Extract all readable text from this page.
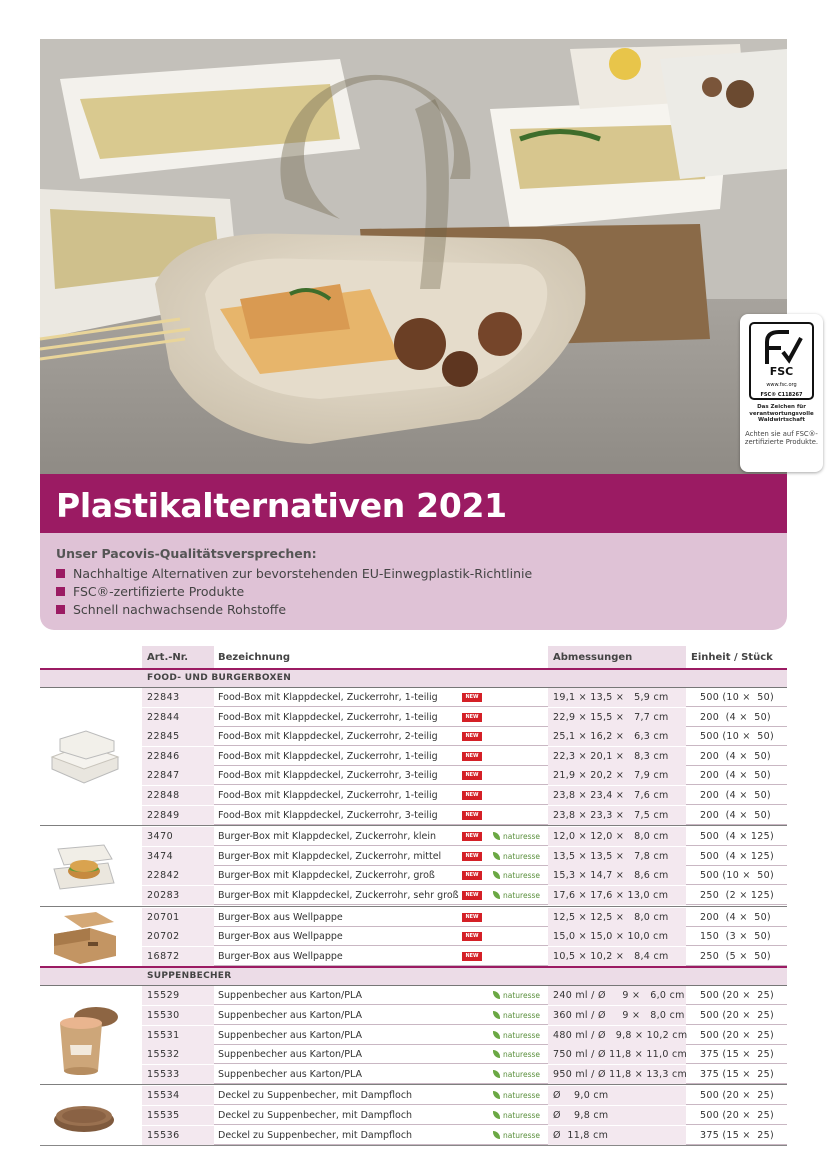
FSC
www.fsc.org
FSC® C118267
Das Zeichen für verantwortungsvolle Waldwirtschaft
Achten sie auf FSC®-zertifizierte Produkte.
Plastikalternativen 2021
Unser Pacovis-Qualitätsversprechen:
Nachhaltige Alternativen zur bevorstehenden EU-Einwegplastik-Richtlinie
FSC®-zertifizierte Produkte
Schnell nachwachsende Rohstoffe
Art.-Nr.	Bezeichnung	Abmessungen	Einheit / Stück
FOOD- UND BURGERBOXEN
22843	Food-Box mit Klappdeckel, Zuckerrohr, 1-teilig	NEW	19,1 × 13,5 ×   5,9 cm	500 (10 ×  50)
22844	Food-Box mit Klappdeckel, Zuckerrohr, 1-teilig	NEW	22,9 × 15,5 ×   7,7 cm	200  (4 ×  50)
22845	Food-Box mit Klappdeckel, Zuckerrohr, 2-teilig	NEW	25,1 × 16,2 ×   6,3 cm	500 (10 ×  50)
22846	Food-Box mit Klappdeckel, Zuckerrohr, 1-teilig	NEW	22,3 × 20,1 ×   8,3 cm	200  (4 ×  50)
22847	Food-Box mit Klappdeckel, Zuckerrohr, 3-teilig	NEW	21,9 × 20,2 ×   7,9 cm	200  (4 ×  50)
22848	Food-Box mit Klappdeckel, Zuckerrohr, 1-teilig	NEW	23,8 × 23,4 ×   7,6 cm	200  (4 ×  50)
22849	Food-Box mit Klappdeckel, Zuckerrohr, 3-teilig	NEW	23,8 × 23,3 ×   7,5 cm	200  (4 ×  50)
3470	Burger-Box mit Klappdeckel, Zuckerrohr, klein	NEW	naturesse	12,0 × 12,0 ×   8,0 cm	500  (4 × 125)
3474	Burger-Box mit Klappdeckel, Zuckerrohr, mittel	NEW	naturesse	13,5 × 13,5 ×   7,8 cm	500  (4 × 125)
22842	Burger-Box mit Klappdeckel, Zuckerrohr, groß	NEW	naturesse	15,3 × 14,7 ×   8,6 cm	500 (10 ×  50)
20283	Burger-Box mit Klappdeckel, Zuckerrohr, sehr groß	NEW	naturesse	17,6 × 17,6 × 13,0 cm	250  (2 × 125)
20701	Burger-Box aus Wellpappe	NEW	12,5 × 12,5 ×   8,0 cm	200  (4 ×  50)
20702	Burger-Box aus Wellpappe	NEW	15,0 × 15,0 × 10,0 cm	150  (3 ×  50)
16872	Burger-Box aus Wellpappe	NEW	10,5 × 10,2 ×   8,4 cm	250  (5 ×  50)
SUPPENBECHER
15529	Suppenbecher aus Karton/PLA	naturesse	240 ml / Ø     9 ×   6,0 cm	500 (20 ×  25)
15530	Suppenbecher aus Karton/PLA	naturesse	360 ml / Ø     9 ×   8,0 cm	500 (20 ×  25)
15531	Suppenbecher aus Karton/PLA	naturesse	480 ml / Ø   9,8 × 10,2 cm	500 (20 ×  25)
15532	Suppenbecher aus Karton/PLA	naturesse	750 ml / Ø 11,8 × 11,0 cm	375 (15 ×  25)
15533	Suppenbecher aus Karton/PLA	naturesse	950 ml / Ø 11,8 × 13,3 cm	375 (15 ×  25)
15534	Deckel zu Suppenbecher, mit Dampfloch	naturesse	Ø    9,0 cm	500 (20 ×  25)
15535	Deckel zu Suppenbecher, mit Dampfloch	naturesse	Ø    9,8 cm	500 (20 ×  25)
15536	Deckel zu Suppenbecher, mit Dampfloch	naturesse	Ø  11,8 cm	375 (15 ×  25)
